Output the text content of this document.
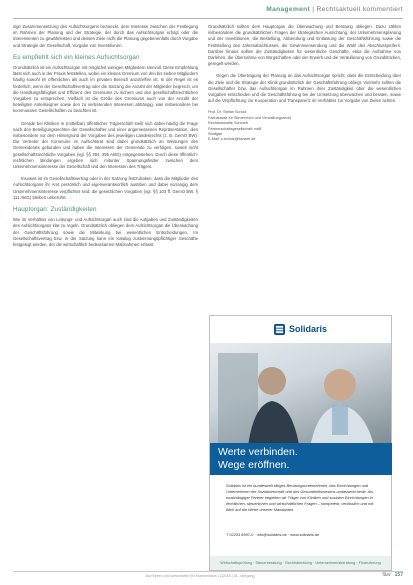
Management | Rechtsaktuell kommentiert

sige Zusammensetzung des Aufsichtsorgans bezweckt, dem Interesse zwischen der Festlegung im Rahmen der Planung und der Strategie, der durch das Aufsichtsorgan erfolgt oder die Interessenten zu gewährleisten und dessen Ziele nicht die Planung gegebenenfalls durch Vorgabe und Strategie der Gesellschaft, Vorgabe von Investitionen.

Es empfiehlt sich ein kleines Aufsichtsorgan

Grundsätzlich ist ein Aufsichtsorgan mit möglichst wenigen Mitgliedern sinnvoll. Diese Empfehlung lässt sich auch in der Praxis feststellen, wobei ein kleines Gremium von drei bis sieben Mitgliedern häufig sowohl im öffentlichen als auch im privaten Bereich anzutreffen ist. In der Regel ist es förderlich, wenn der Gesellschaftsvertrag oder die Satzung die Anzahl der Mitglieder begrenzt, um die Handlungsfähigkeit und Effizienz des Gremiums zu sichern und den gesellschaftsrechtlichen Vorgaben zu entsprechen. Vielfach ist die Größe des Gremiums auch von der Anzahl der beteiligten Anteilseigner sowie den zu vertretenden Interessen abhängig, was insbesondere bei kommunalen Gesellschaften zu beachten ist.

Gerade bei Kliniken in (mittelbar) öffentlicher Trägerschaft stellt sich dabei häufig die Frage nach den Beteiligungsrechten der Gesellschafter und einer angemessenen Repräsentation, dies insbesondere vor dem Hintergrund der Vorgaben des jeweiligen Landesrechts (z. B. GemO BW). Die Vertreter der Kommune im Aufsichtsrat sind dabei grundsätzlich an Weisungen des Gemeinderats gebunden und haben die Interessen der Gemeinde zu verfolgen, soweit nicht gesellschaftsrechtliche Vorgaben (vgl. §§ 394, 395 AktG) entgegenstehen. Durch diese öffentlich-rechtlichen Bindungen ergeben sich mitunter Spannungsfelder zwischen dem Unternehmensinteresse der Gesellschaft und den Interessen des Trägers.

Insoweit ist im Gesellschaftsvertrag oder in der Satzung festzuhalten, dass die Mitglieder des Aufsichtsorgans ihr Amt persönlich und eigenverantwortlich ausüben und dabei vorrangig dem Unternehmensinteresse verpflichtet sind; die gesetzlichen Vorgaben (vgl. §§ 103 ff. GemO BW, § 111 AktG) bleiben unberührt.

Hauptorgan: Zuständigkeiten

Wie im Verhältnis von Leitungs- und Aufsichtsorgan auch sind die Aufgaben und Zuständigkeiten des Aufsichtsorgans klar zu regeln. Grundsätzlich obliegen dem Aufsichtsorgan die Überwachung der Geschäftsführung sowie die Mitwirkung bei wesentlichen Entscheidungen. Im Gesellschaftsvertrag bzw. in der Satzung kann ein Katalog zustimmungspflichtiger Geschäfte festgelegt werden, der die wirtschaftlich bedeutsamen Maßnahmen erfasst.

Grundsätzlich sollten dem Hauptorgan die Überwachung und Beratung obliegen. Dazu zählen insbesondere die grundsätzlichen Fragen der strategischen Ausrichtung, der Unternehmensplanung und der Investitionen, die Bestellung, Abberufung und Entlastung der Geschäftsführung sowie die Feststellung des Jahresabschlusses, die Gewinnverwendung und die Wahl des Abschlussprüfers. Darüber hinaus sollten die Zuständigkeiten für wesentliche Geschäfte, etwa die Aufnahme von Darlehen, die Übernahme von Bürgschaften oder der Erwerb und die Veräußerung von Grundstücken, geregelt werden.

Gegen die Übertragung der Planung an das Aufsichtsorgan spricht, dass die Entscheidung über die Ziele und die Strategie der Klinik grundsätzlich der Geschäftsführung obliegt. Vielmehr sollten die Gesellschafter bzw. das Aufsichtsorgan im Rahmen ihrer Zuständigkeit über die wesentlichen Vorgaben entscheiden und die Geschäftsführung bei der Umsetzung überwachen und beraten, sowie auf die Verpflichtung zur Kooperation und Transparenz im Verhältnis zur Vorgabe von Zielen achten.

Prof. Dr. Stefan Scholz
Fachanwalt für Steuerrecht und Verwaltungsrecht
Rechtsanwälte Schmidt
Partnerschaftsgesellschaft mbB
Stuttgart
E-Mail: s.scholz@kanzlei.de
Solidaris
Werte verbinden.
Wege eröffnen.
Solidaris ist ein bundesweit tätiges Beratungsunternehmen, das Einrichtungen und Unternehmen der Sozialwirtschaft und des Gesundheitswesens umfassend berät. Als unabhängiger Partner begleiten wir Träger von Kliniken und sozialen Einrichtungen in rechtlichen, steuerlichen und wirtschaftlichen Fragen – kompetent, verlässlich und mit Blick auf die Werte unserer Mandanten.
T 02203 8997-0 · info@solidaris.de · www.solidaris.de
Wirtschaftsprüfung · Steuerberatung · Rechtsberatung · Unternehmensberatung · Finanzierung
f&w führen und wirtschaften im Krankenhaus | 2|2018 | 35. Jahrgang	f&w 157
